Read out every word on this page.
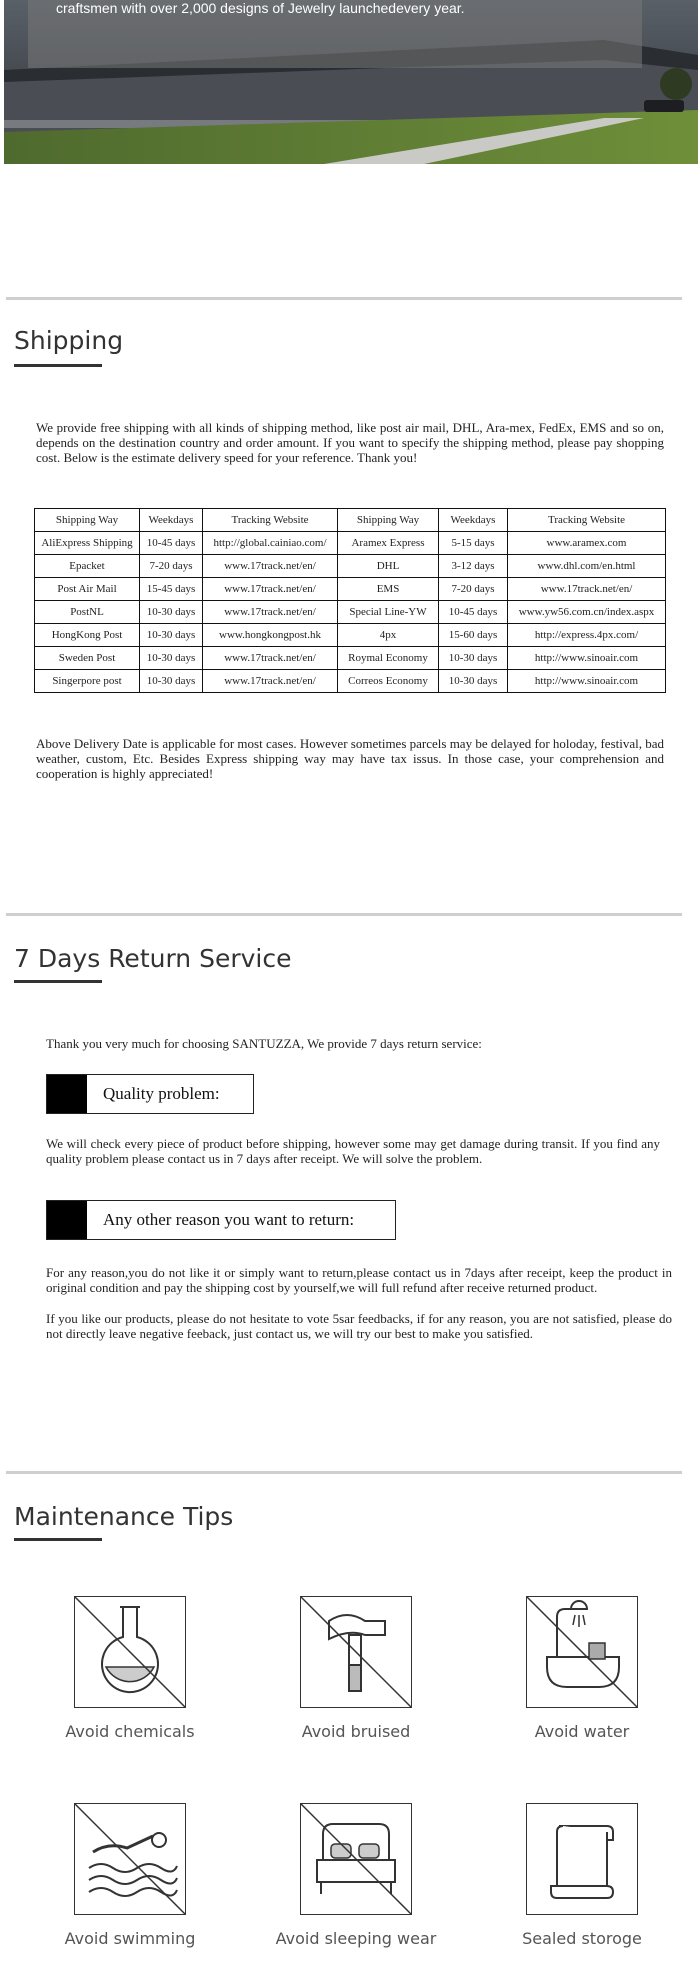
craftsmen with over 2,000 designs of Jewelry launchedevery year.
Shipping
We provide free shipping with all kinds of shipping method, like post air mail, DHL, Ara-mex, FedEx, EMS and so on, depends on the destination country and order amount. If you want to specify the shipping method, please pay shopping cost. Below is the estimate delivery speed for your reference. Thank you!
Shipping Way	Weekdays	Tracking Website	Shipping Way	Weekdays	Tracking Website
AliExpress Shipping	10-45 days	http://global.cainiao.com/	Aramex Express	5-15 days	www.aramex.com
Epacket	7-20 days	www.17track.net/en/	DHL	3-12 days	www.dhl.com/en.html
Post Air Mail	15-45 days	www.17track.net/en/	EMS	7-20 days	www.17track.net/en/
PostNL	10-30 days	www.17track.net/en/	Special Line-YW	10-45 days	www.yw56.com.cn/index.aspx
HongKong Post	10-30 days	www.hongkongpost.hk	4px	15-60 days	http://express.4px.com/
Sweden Post	10-30 days	www.17track.net/en/	Roymal Economy	10-30 days	http://www.sinoair.com
Singerpore post	10-30 days	www.17track.net/en/	Correos Economy	10-30 days	http://www.sinoair.com
Above Delivery Date is applicable for most cases. However sometimes parcels may be delayed for holoday, festival, bad weather, custom, Etc. Besides Express shipping way may have tax issus. In those case, your comprehension and cooperation is highly appreciated!
7 Days Return Service
Thank you very much for choosing SANTUZZA, We provide 7 days return service:
Quality problem:
We will check every piece of product before shipping, however some may get damage during transit. If you find any quality problem please contact us in 7 days after receipt. We will solve the problem.
Any other reason you want to return:
For any reason,you do not like it or simply want to return,please contact us in 7days after receipt, keep the product in original condition and pay the shipping cost by yourself,we will full refund after receive returned product.
If you like our products, please do not hesitate to vote 5sar feedbacks, if for any reason, you are not satisfied, please do not directly leave negative feeback, just contact us, we will try our best to make you satisfied.
Maintenance Tips
Avoid chemicals	Avoid bruised	Avoid water
Avoid swimming	Avoid sleeping wear	Sealed storoge
